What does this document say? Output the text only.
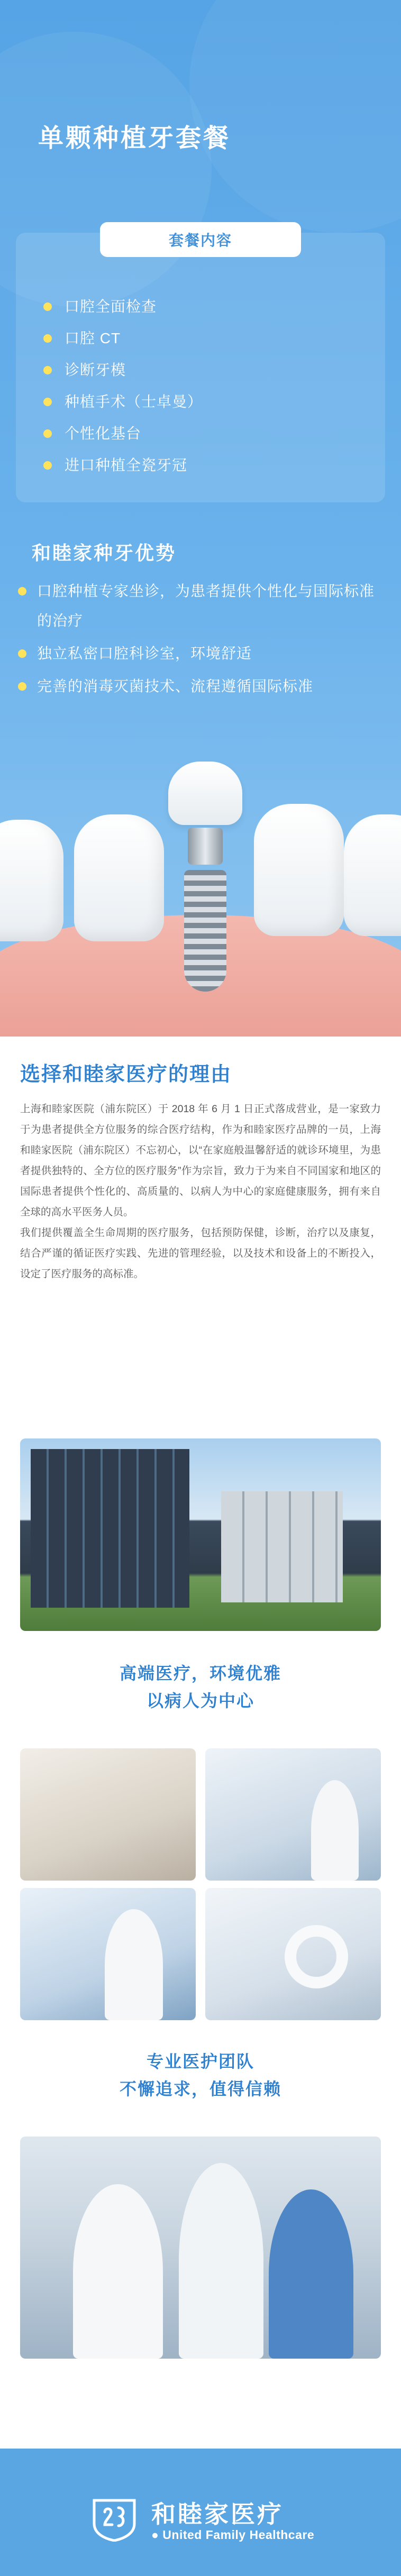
单颗种植牙套餐
套餐内容
口腔全面检查
口腔 CT
诊断牙模
种植手术（士卓曼）
个性化基台
进口种植全瓷牙冠
和睦家种牙优势
口腔种植专家坐诊，为患者提供个性化与国际标准的治疗
独立私密口腔科诊室，环境舒适
完善的消毒灭菌技术、流程遵循国际标准
选择和睦家医疗的理由

上海和睦家医院（浦东院区）于 2018 年 6 月 1 日正式落成营业，是一家致力于为患者提供全方位服务的综合医疗结构，作为和睦家医疗品牌的一员，上海和睦家医院（浦东院区）不忘初心，以“在家庭般温馨舒适的就诊环境里，为患者提供独特的、全方位的医疗服务”作为宗旨，致力于为来自不同国家和地区的国际患者提供个性化的、高质量的、以病人为中心的家庭健康服务，拥有来自全球的高水平医务人员。

我们提供覆盖全生命周期的医疗服务，包括预防保健，诊断，治疗以及康复，结合严谨的循证医疗实践、先进的管理经验，以及技术和设备上的不断投入，设定了医疗服务的高标准。

高端医疗，环境优雅
以病人为中心
专业医护团队
不懈追求，值得信赖
和睦家医疗
● United Family Healthcare
